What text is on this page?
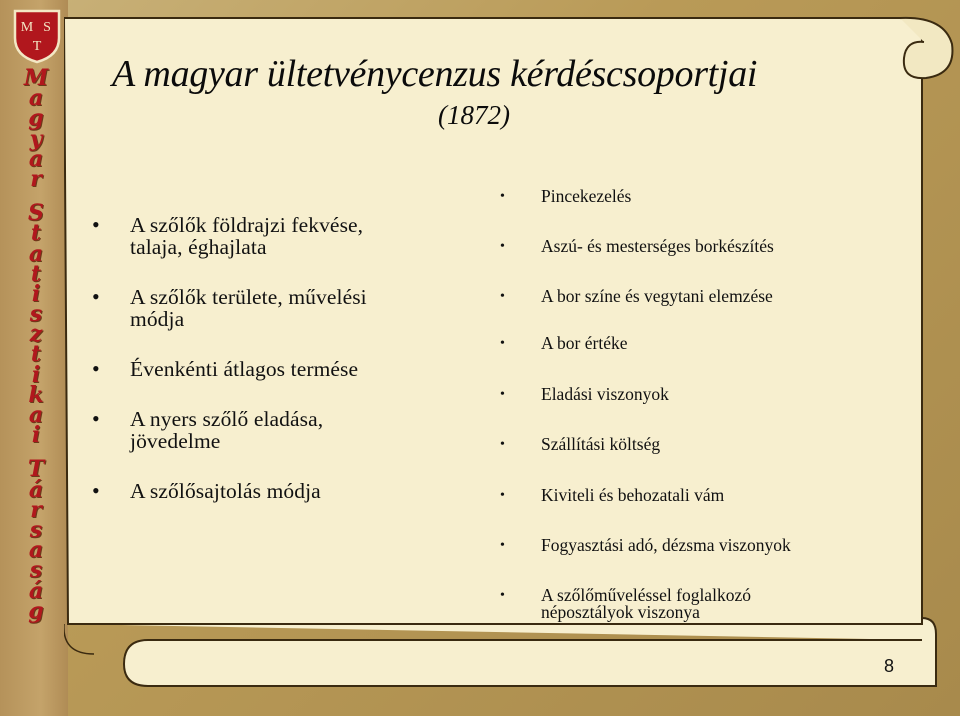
M S
T
M
a
g
y
a
r
S
t
a
t
i
s
z
t
i
k
a
i
T
á
r
s
a
s
á
g
A magyar ültetvénycenzus kérdéscsoportjai
(1872)
•	A szőlők földrajzi fekvése,
talaja, éghajlata
•	A szőlők területe, művelési
módja
•	Évenkénti átlagos termése
•	A nyers szőlő eladása,
jövedelme
•	A szőlősajtolás módja
•	Pincekezelés
•	Aszú- és mesterséges borkészítés
•	A bor színe és vegytani elemzése
•	A bor értéke
•	Eladási viszonyok
•	Szállítási költség
•	Kiviteli és behozatali vám
•	Fogyasztási adó, dézsma viszonyok
•	A szőlőműveléssel foglalkozó
néposztályok viszonya
8
